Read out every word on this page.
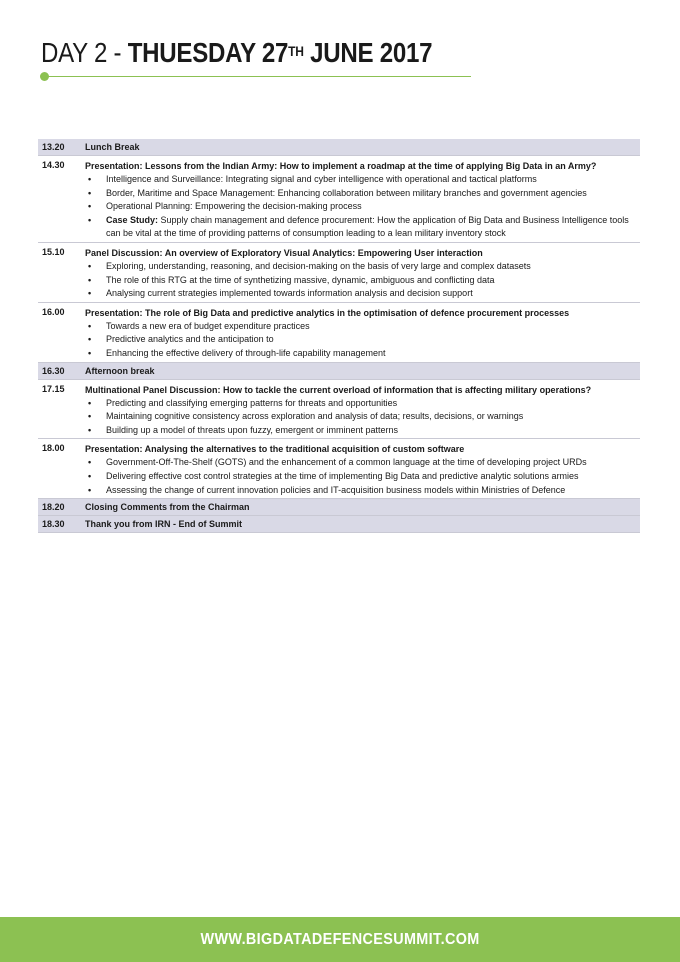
DAY 2 - THUESDAY 27TH JUNE 2017
13.20	Lunch Break
14.30	Presentation: Lessons from the Indian Army: How to implement a roadmap at the time of applying Big Data in an Army?
• Intelligence and Surveillance: Integrating signal and cyber intelligence with operational and tactical platforms
• Border, Maritime and Space Management: Enhancing collaboration between military branches and government agencies
• Operational Planning: Empowering the decision-making process
• Case Study: Supply chain management and defence procurement: How the application of Big Data and Business Intelligence tools can be vital at the time of providing patterns of consumption leading to a lean military inventory stock
15.10	Panel Discussion: An overview of Exploratory Visual Analytics: Empowering User interaction
• Exploring, understanding, reasoning, and decision-making on the basis of very large and complex datasets
• The role of this RTG at the time of synthetizing massive, dynamic, ambiguous and conflicting data
• Analysing current strategies implemented towards information analysis and decision support
16.00	Presentation: The role of Big Data and predictive analytics in the optimisation of defence procurement processes
• Towards a new era of budget expenditure practices
• Predictive analytics and the anticipation to
• Enhancing the effective delivery of through-life capability management
16.30	Afternoon break
17.15	Multinational Panel Discussion: How to tackle the current overload of information that is affecting military operations?
• Predicting and classifying emerging patterns for threats and opportunities
• Maintaining cognitive consistency across exploration and analysis of data; results, decisions, or warnings
• Building up a model of threats upon fuzzy, emergent or imminent patterns
18.00	Presentation: Analysing the alternatives to the traditional acquisition of custom software
• Government-Off-The-Shelf (GOTS) and the enhancement of a common language at the time of developing project URDs
• Delivering effective cost control strategies at the time of implementing Big Data and predictive analytic solutions armies
• Assessing the change of current innovation policies and IT-acquisition business models within Ministries of Defence
18.20	Closing Comments from the Chairman
18.30	Thank you from IRN - End of Summit
WWW.BIGDATADEFENCESUMMIT.COM
